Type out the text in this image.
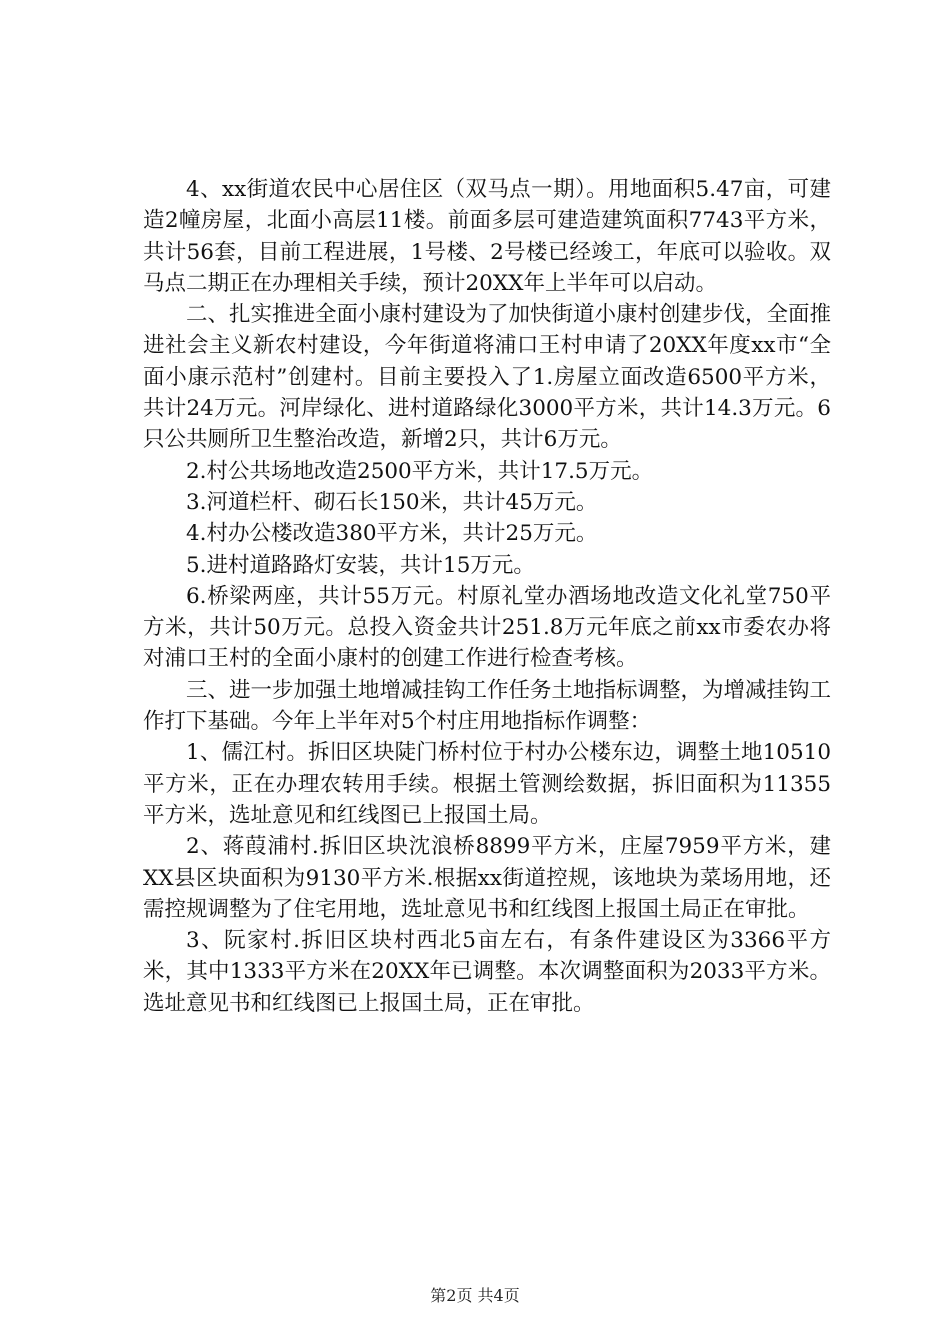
4、xx街道农民中心居住区（双马点一期）。用地面积5.47亩，可建造2幢房屋，北面小高层11楼。前面多层可建造建筑面积7743平方米，共计56套，目前工程进展，1号楼、2号楼已经竣工，年底可以验收。双马点二期正在办理相关手续，预计20XX年上半年可以启动。

二、扎实推进全面小康村建设为了加快街道小康村创建步伐，全面推进社会主义新农村建设，今年街道将浦口王村申请了20XX年度xx市“全面小康示范村”创建村。目前主要投入了1.房屋立面改造6500平方米，共计24万元。河岸绿化、进村道路绿化3000平方米，共计14.3万元。6只公共厕所卫生整治改造，新增2只，共计6万元。

2.村公共场地改造2500平方米，共计17.5万元。

3.河道栏杆、砌石长150米，共计45万元。

4.村办公楼改造380平方米，共计25万元。

5.进村道路路灯安装，共计15万元。

6.桥梁两座，共计55万元。村原礼堂办酒场地改造文化礼堂750平方米，共计50万元。总投入资金共计251.8万元年底之前xx市委农办将对浦口王村的全面小康村的创建工作进行检查考核。

三、进一步加强土地增减挂钩工作任务土地指标调整，为增减挂钩工作打下基础。今年上半年对5个村庄用地指标作调整：

1、儒江村。拆旧区块陡门桥村位于村办公楼东边，调整土地10510平方米，正在办理农转用手续。根据土管测绘数据，拆旧面积为11355平方米，选址意见和红线图已上报国土局。

2、蒋葭浦村.拆旧区块沈浪桥8899平方米，庄屋7959平方米，建XX县区块面积为9130平方米.根据xx街道控规，该地块为菜场用地，还需控规调整为了住宅用地，选址意见书和红线图上报国土局正在审批。

3、阮家村.拆旧区块村西北5亩左右，有条件建设区为3366平方米，其中1333平方米在20XX年已调整。本次调整面积为2033平方米。选址意见书和红线图已上报国土局，正在审批。

第2页 共4页
